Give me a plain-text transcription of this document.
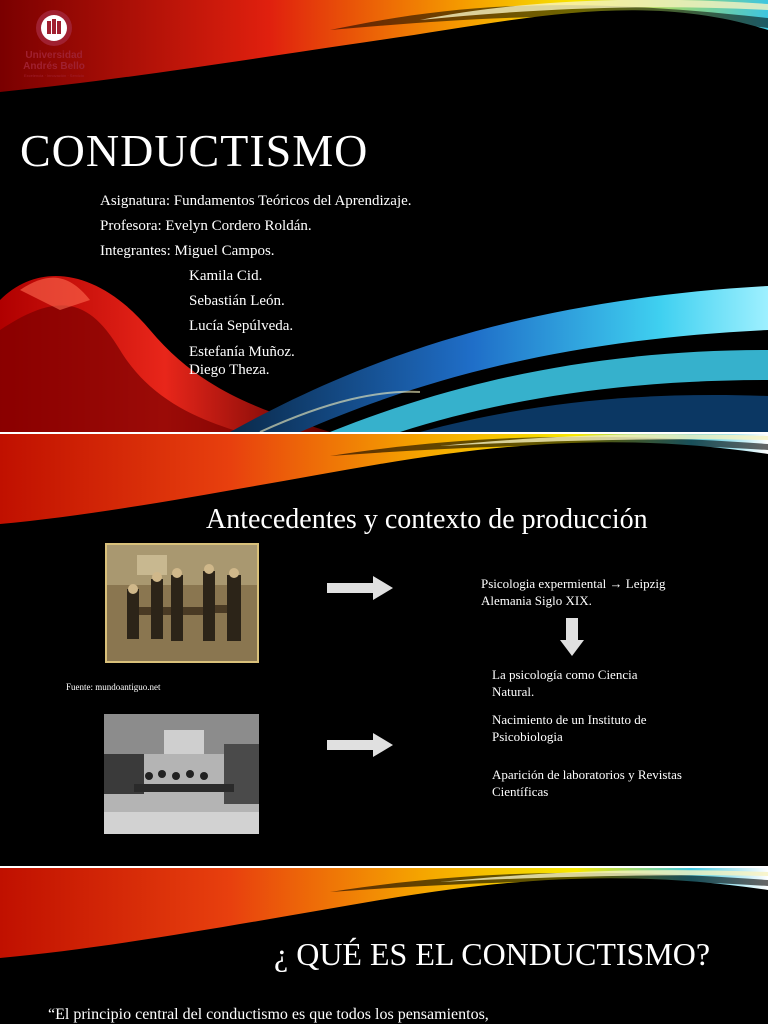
Universidad
Andrés Bello
Excelencia · Innovación · Servicio
CONDUCTISMO
Asignatura: Fundamentos Teóricos del Aprendizaje.
Profesora: Evelyn Cordero Roldán.
Integrantes: Miguel Campos.
Kamila Cid.
Sebastián León.
Lucía Sepúlveda.
Estefanía Muñoz.
Diego Theza.
Antecedentes y contexto de producción
Fuente: mundoantiguo.net
Psicologia expermiental → Leipzig Alemania Siglo XIX.
La psicología como Ciencia Natural.
Nacimiento de un Instituto de Psicobiologia
Aparición de laboratorios y Revistas Científicas
¿ QUÉ ES EL CONDUCTISMO?
“El principio central del conductismo es que todos los pensamientos,
